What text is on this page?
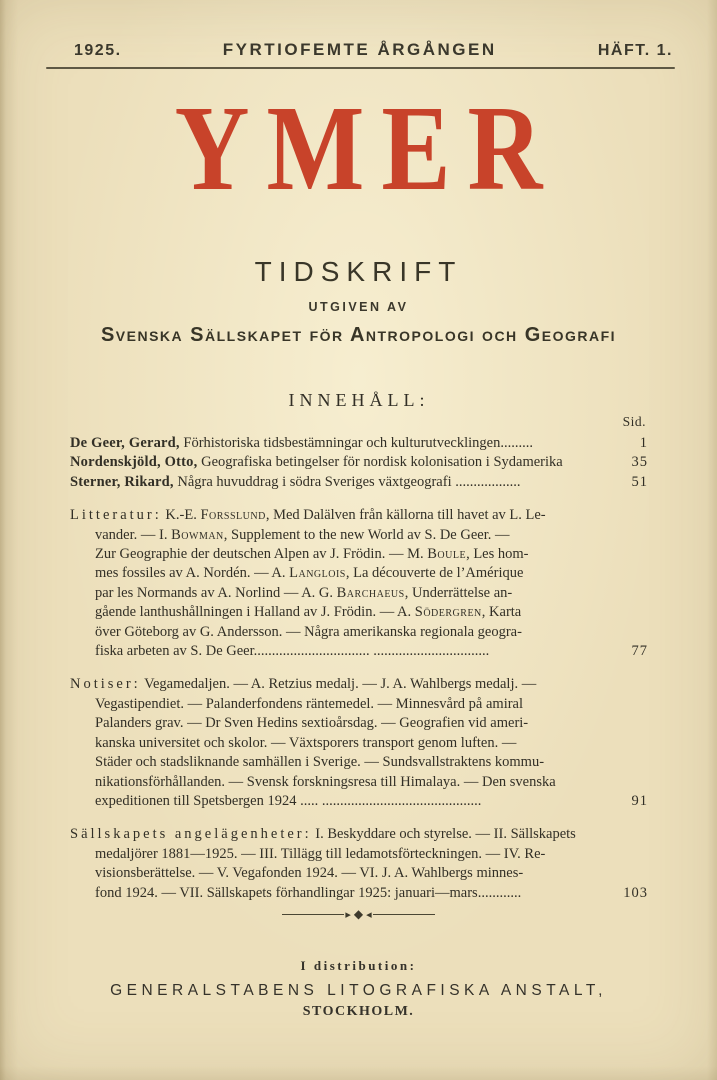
1925.	FYRTIOFEMTE ÅRGÅNGEN	HÄFT. 1.
YMER
TIDSKRIFT
UTGIVEN AV
Svenska Sällskapet för Antropologi och Geografi
INNEHÅLL:
Sid.
De Geer, Gerard, Förhistoriska tidsbestämningar och kulturutvecklingen.........	1
Nordenskjöld, Otto, Geografiska betingelser för nordisk kolonisation i Sydamerika	35
Sterner, Rikard, Några huvuddrag i södra Sveriges växtgeografi ..................	51
Litteratur: K.-E. Forsslund, Med Dalälven från källorna till havet av L. Le-
vander. — I. Bowman, Supplement to the new World av S. De Geer. —
Zur Geographie der deutschen Alpen av J. Frödin. — M. Boule, Les hom-
mes fossiles av A. Nordén. — A. Langlois, La découverte de l’Amérique
par les Normands av A. Norlind — A. G. Barchaeus, Underrättelse an-
gående lanthushållningen i Halland av J. Frödin. — A. Södergren, Karta
över Göteborg av G. Andersson. — Några amerikanska regionala geogra-
fiska arbeten av S. De Geer................................ ................................	77
Notiser: Vegamedaljen. — A. Retzius medalj. — J. A. Wahlbergs medalj. —
Vegastipendiet. — Palanderfondens räntemedel. — Minnesvård på amiral
Palanders grav. — Dr Sven Hedins sextioårsdag. — Geografien vid ameri-
kanska universitet och skolor. — Växtsporers transport genom luften. —
Städer och stadsliknande samhällen i Sverige. — Sundsvallstraktens kommu-
nikationsförhållanden. — Svensk forskningsresa till Himalaya. — Den svenska
expeditionen till Spetsbergen 1924 ..... ............................................	91
Sällskapets angelägenheter: I. Beskyddare och styrelse. — II. Sällskapets
medaljörer 1881—1925. — III. Tillägg till ledamotsförteckningen. — IV. Re-
visionsberättelse. — V. Vegafonden 1924. — VI. J. A. Wahlbergs minnes-
fond 1924. — VII. Sällskapets förhandlingar 1925: januari—mars............	103
▸ ◆ ◂
I distribution:
GENERALSTABENS LITOGRAFISKA ANSTALT,
STOCKHOLM.
